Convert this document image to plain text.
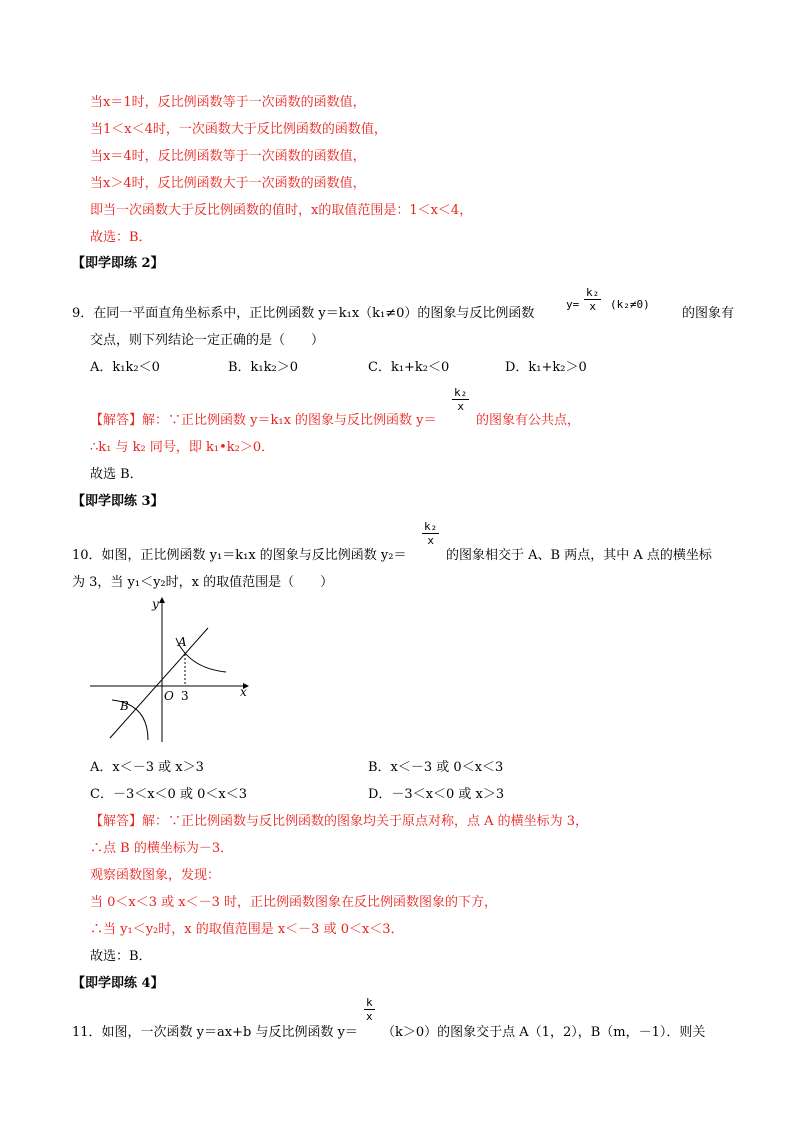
当x＝1时，反比例函数等于一次函数的函数值，
当1＜x＜4时，一次函数大于反比例函数的函数值，
当x＝4时，反比例函数等于一次函数的函数值，
当x＞4时，反比例函数大于一次函数的函数值，
即当一次函数大于反比例函数的值时，x的取值范围是：1＜x＜4，
故选：B．
【即学即练 2】
9．在同一平面直角坐标系中，正比例函数 y＝k₁x（k₁≠0）的图象与反比例函数
$y= \frac{\text{k₂}}{x} (k_2\ne 0)$
的图象有
交点，则下列结论一定正确的是（　　）
A．k₁k₂＜0	B．k₁k₂＞0	C．k₁+k₂＜0	D．k₁+k₂＞0
【解答】解：∵正比例函数 y＝k₁x 的图象与反比例函数 y＝
$\frac{\text{k₂}}{x}$
的图象有公共点，
∴k₁ 与 k₂ 同号，即 k₁•k₂＞0．
故选 B．
【即学即练 3】
10．如图，正比例函数 y₁＝k₁x 的图象与反比例函数 y₂＝
$\frac{\text{k₂}}{x}$
的图象相交于 A、B 两点，其中 A 点的横坐标
为 3，当 y₁＜y₂时，x 的取值范围是（　　）
y
x
O 3
A
B
A．x＜－3 或 x＞3	B．x＜－3 或 0＜x＜3
C．－3＜x＜0 或 0＜x＜3	D．－3＜x＜0 或 x＞3
【解答】解：∵正比例函数与反比例函数的图象均关于原点对称，点 A 的横坐标为 3，
∴点 B 的横坐标为－3．
观察函数图象，发现：
当 0＜x＜3 或 x＜－3 时，正比例函数图象在反比例函数图象的下方，
∴当 y₁＜y₂时，x 的取值范围是 x＜－3 或 0＜x＜3．
故选：B．
【即学即练 4】
11．如图，一次函数 y＝ax+b 与反比例函数 y＝
$\frac{k}{x}$
（k＞0）的图象交于点 A（1，2），B（m，－1）．则关
